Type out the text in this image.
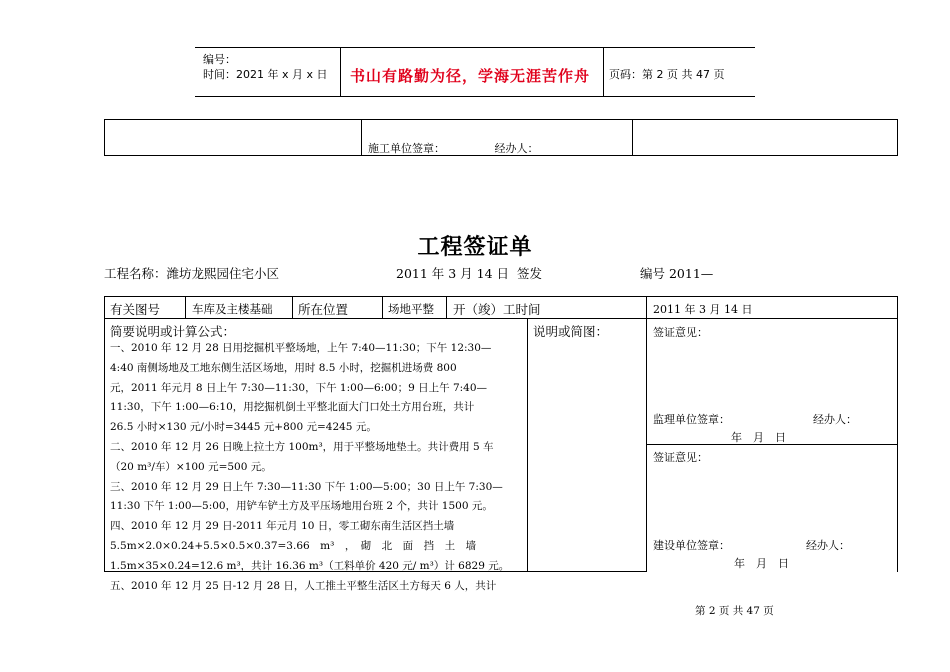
编号：
时间：2021 年 x 月 x 日 书山有路勤为径，学海无涯苦作舟 页码：第 2 页 共 47 页
施工单位签章：　　　　　经办人：
工程签证单
工程名称：潍坊龙熙园住宅小区	2011 年 3 月 14 日  签发	编号 2011—
有关图号	车库及主楼基础 所在位置	场地平整 开（竣）工时间	2011 年 3 月 14 日
简要说明或计算公式：
一、2010 年 12 月 28 日用挖掘机平整场地，上午 7:40—11:30；下午 12:30—
4:40 南侧场地及工地东侧生活区场地，用时 8.5 小时，挖掘机进场费 800
元，2011 年元月 8 日上午 7:30—11:30，下午 1:00—6:00；9 日上午 7:40—
11:30，下午 1:00—6:10，用挖掘机倒土平整北面大门口处土方用台班，共计
26.5 小时×130 元/小时=3445 元+800 元=4245 元。
二、2010 年 12 月 26 日晚上拉土方 100m³，用于平整场地垫土。共计费用 5 车
（20 m³/车）×100 元=500 元。
三、2010 年 12 月 29 日上午 7:30—11:30 下午 1:00—5:00；30 日上午 7:30—
11:30 下午 1:00—5:00，用铲车铲土方及平压场地用台班 2 个，共计 1500 元。
四、2010 年 12 月 29 日-2011 年元月 10 日，零工砌东南生活区挡土墙
5.5m×2.0×0.24+5.5×0.5×0.37=3.66　m³　，　砌　北　面　挡　土　墙
1.5m×35×0.24=12.6 m³，共计 16.36 m³（工料单价 420 元/ m³）计 6829 元。
五、2010 年 12 月 25 日-12 月 28 日，人工推土平整生活区土方每天 6 人，共计
说明或简图：	签证意见：
监理单位签章：	经办人：
年　月　日
签证意见：
建设单位签章：	经办人：
年　月　日
第 2 页 共 47 页
